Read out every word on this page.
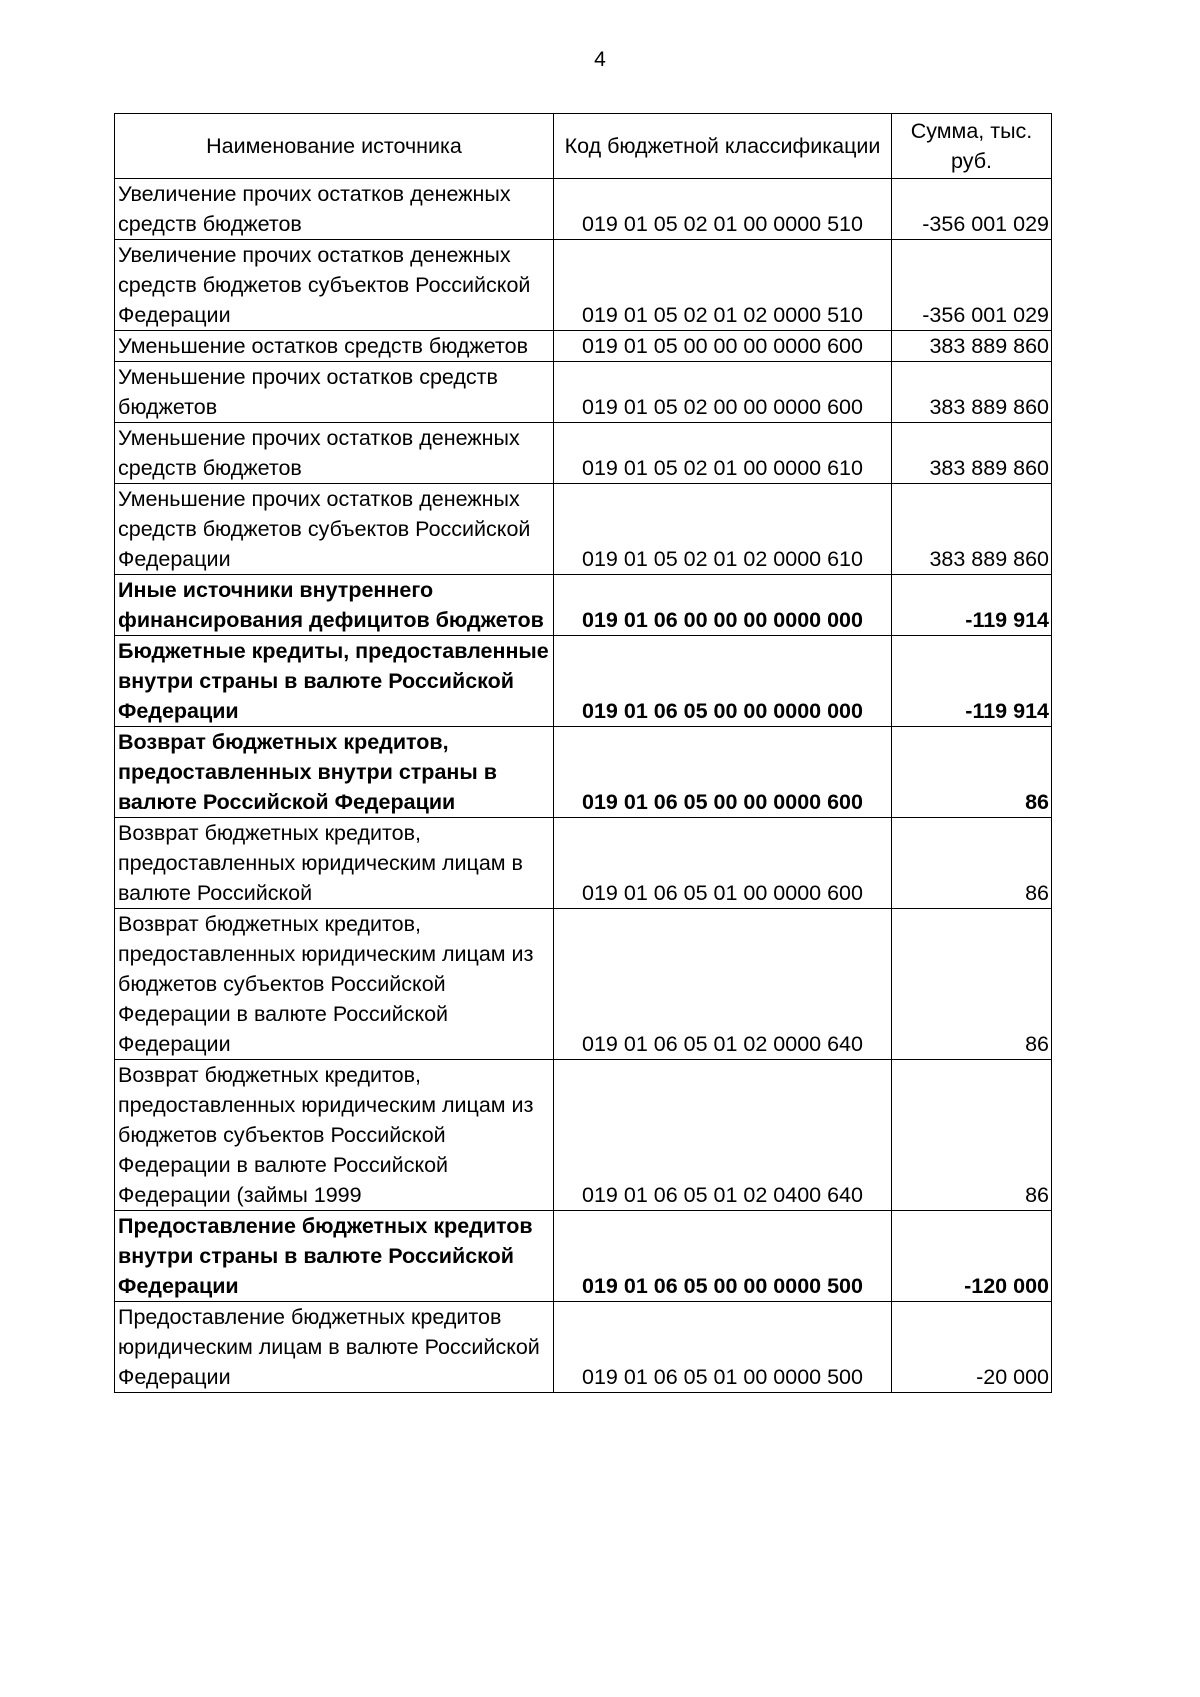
4
Наименование источника	Код бюджетной классификации	Сумма, тыс. руб.
Увеличение прочих остатков денежных средств бюджетов	019 01 05 02 01 00 0000 510	-356 001 029
Увеличение прочих остатков денежных средств бюджетов субъектов Российской Федерации	019 01 05 02 01 02 0000 510	-356 001 029
Уменьшение остатков средств бюджетов	019 01 05 00 00 00 0000 600	383 889 860
Уменьшение прочих остатков средств бюджетов	019 01 05 02 00 00 0000 600	383 889 860
Уменьшение прочих остатков денежных средств бюджетов	019 01 05 02 01 00 0000 610	383 889 860
Уменьшение прочих остатков денежных средств бюджетов субъектов Российской Федерации	019 01 05 02 01 02 0000 610	383 889 860
Иные источники внутреннего финансирования дефицитов бюджетов	019 01 06 00 00 00 0000 000	-119 914
Бюджетные кредиты, предоставленные внутри страны в валюте Российской Федерации	019 01 06 05 00 00 0000 000	-119 914
Возврат бюджетных кредитов, предоставленных внутри страны в валюте Российской Федерации	019 01 06 05 00 00 0000 600	86
Возврат бюджетных кредитов, предоставленных юридическим лицам в валюте Российской	019 01 06 05 01 00 0000 600	86
Возврат бюджетных кредитов, предоставленных юридическим лицам из бюджетов субъектов Российской Федерации в валюте Российской Федерации	019 01 06 05 01 02 0000 640	86
Возврат бюджетных кредитов, предоставленных юридическим лицам из бюджетов субъектов Российской Федерации в валюте Российской Федерации (займы 1999	019 01 06 05 01 02 0400 640	86
Предоставление бюджетных кредитов внутри страны в валюте Российской Федерации	019 01 06 05 00 00 0000 500	-120 000
Предоставление бюджетных кредитов юридическим лицам в валюте Российской Федерации	019 01 06 05 01 00 0000 500	-20 000
